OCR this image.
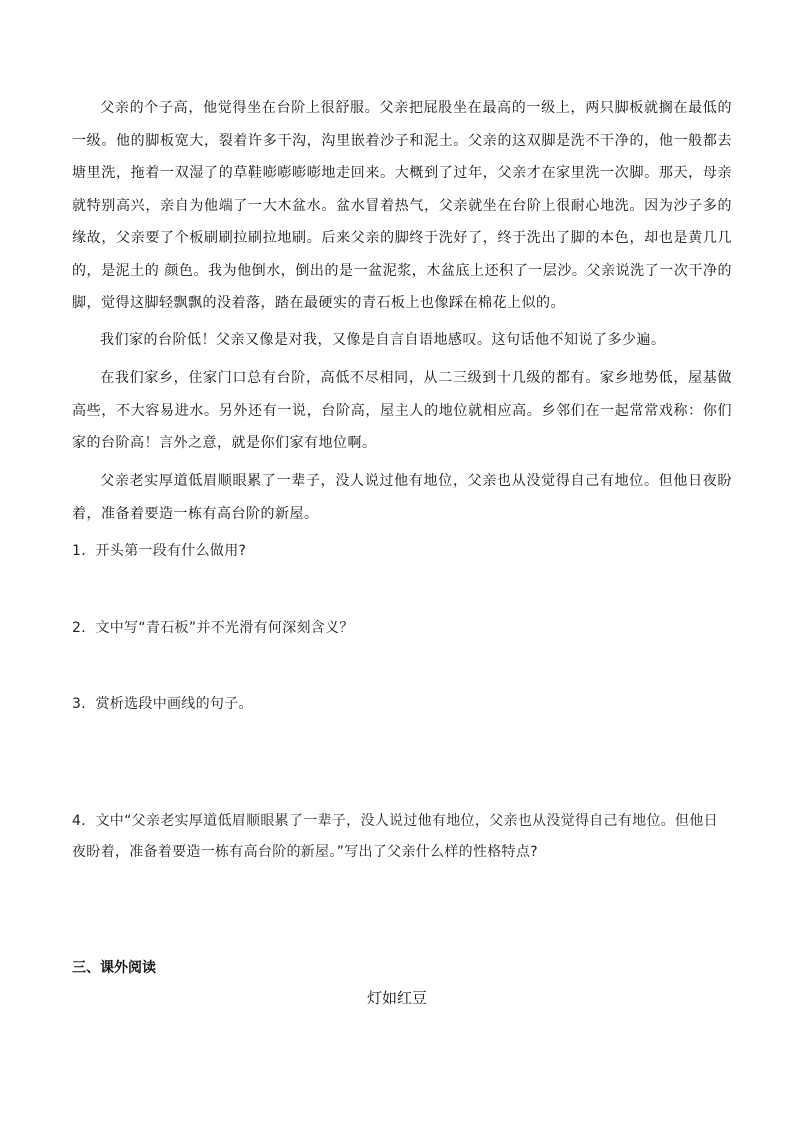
父亲的个子高，他觉得坐在台阶上很舒服。父亲把屁股坐在最高的一级上，两只脚板就搁在最低的一级。他的脚板宽大，裂着许多干沟，沟里嵌着沙子和泥土。父亲的这双脚是洗不干净的，他一般都去塘里洗，拖着一双湿了的草鞋嘭嘭嘭嘭地走回来。大概到了过年，父亲才在家里洗一次脚。那天，母亲就特别高兴，亲自为他端了一大木盆水。盆水冒着热气，父亲就坐在台阶上很耐心地洗。因为沙子多的缘故，父亲要了个板刷刷拉刷拉地刷。后来父亲的脚终于洗好了，终于洗出了脚的本色，却也是黄几几的，是泥土的 颜色。我为他倒水，倒出的是一盆泥浆，木盆底上还积了一层沙。父亲说洗了一次干净的脚，觉得这脚轻飘飘的没着落，踏在最硬实的青石板上也像踩在棉花上似的。

我们家的台阶低！父亲又像是对我，又像是自言自语地感叹。这句话他不知说了多少遍。

在我们家乡，住家门口总有台阶，高低不尽相同，从二三级到十几级的都有。家乡地势低，屋基做高些，不大容易进水。另外还有一说，台阶高，屋主人的地位就相应高。乡邻们在一起常常戏称：你们家的台阶高！言外之意，就是你们家有地位啊。

父亲老实厚道低眉顺眼累了一辈子，没人说过他有地位，父亲也从没觉得自己有地位。但他日夜盼着，准备着要造一栋有高台阶的新屋。

1．开头第一段有什么做用?

2．文中写“青石板”并不光滑有何深刻含义？

3．赏析选段中画线的句子。

4．文中“父亲老实厚道低眉顺眼累了一辈子，没人说过他有地位，父亲也从没觉得自己有地位。但他日夜盼着，准备着要造一栋有高台阶的新屋。”写出了父亲什么样的性格特点?

三、课外阅读

灯如红豆
